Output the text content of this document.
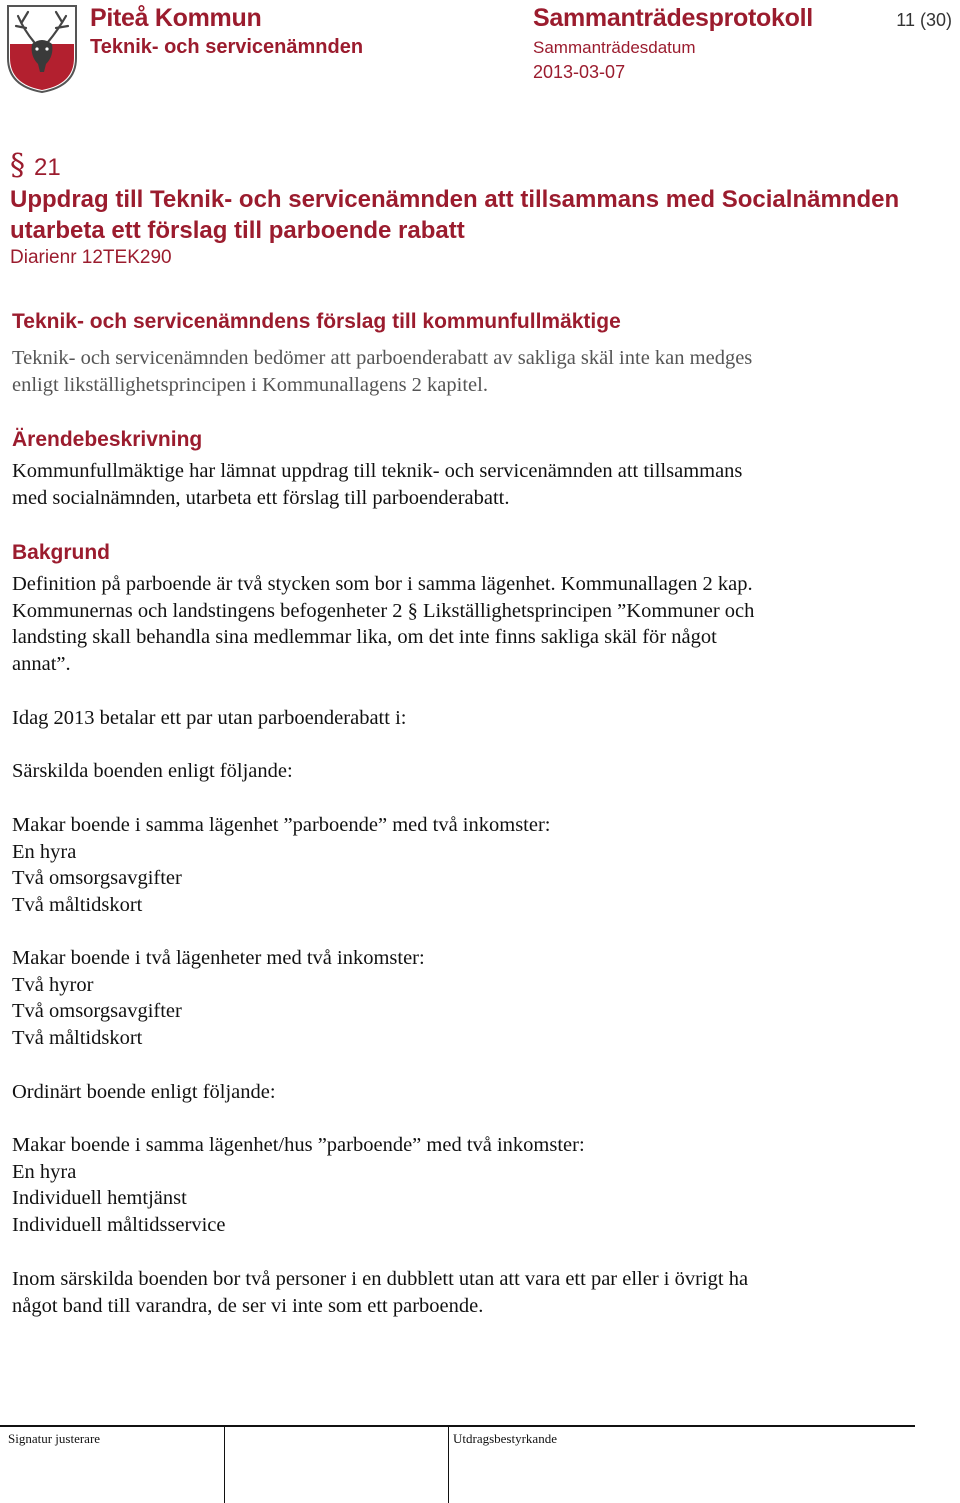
Piteå Kommun
Teknik- och servicenämnden
Sammanträdesprotokoll
Sammanträdesdatum
2013-03-07
11 (30)
§ 21
Uppdrag till Teknik- och servicenämnden att tillsammans med Socialnämnden utarbeta ett förslag till parboende rabatt
Diarienr 12TEK290
Teknik- och servicenämndens förslag till kommunfullmäktige
Teknik- och servicenämnden bedömer att parboenderabatt av sakliga skäl inte kan medges
enligt likställighetsprincipen i Kommunallagens 2 kapitel.
Ärendebeskrivning
Kommunfullmäktige har lämnat uppdrag till teknik- och servicenämnden att tillsammans
med socialnämnden, utarbeta ett förslag till parboenderabatt.
Bakgrund
Definition på parboende är två stycken som bor i samma lägenhet. Kommunallagen 2 kap.
Kommunernas och landstingens befogenheter 2 § Likställighetsprincipen ”Kommuner och
landsting skall behandla sina medlemmar lika, om det inte finns sakliga skäl för något
annat”.
Idag 2013 betalar ett par utan parboenderabatt i:
Särskilda boenden enligt följande:
Makar boende i samma lägenhet ”parboende” med två inkomster:
En hyra
Två omsorgsavgifter
Två måltidskort
Makar boende i två lägenheter med två inkomster:
Två hyror
Två omsorgsavgifter
Två måltidskort
Ordinärt boende enligt följande:
Makar boende i samma lägenhet/hus ”parboende” med två inkomster:
En hyra
Individuell hemtjänst
Individuell måltidsservice
Inom särskilda boenden bor två personer i en dubblett utan att vara ett par eller i övrigt ha
något band till varandra, de ser vi inte som ett parboende.
Signatur justerare	Utdragsbestyrkande
